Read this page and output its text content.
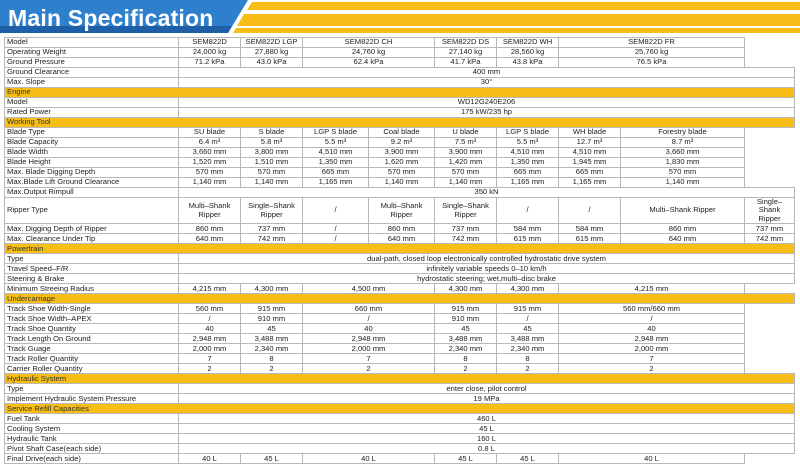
Main Specification
Model	SEM822D	SEM822D LGP	SEM822D CH		SEM822D DS	SEM822D WH	SEM822D FR		
Operating Weight	24,000 kg	27,880 kg	24,760 kg		27,140 kg	28,560 kg	25,760 kg		
Ground Pressure	71.2 kPa	43.0 kPa	62.4 kPa		41.7 kPa	43.8 kPa	76.5 kPa		
Ground Clearance	400 mm								
Max. Slope	30°								
Engine									
Model	WD12G240E206								
Rated Power	175 kW/235 hp								
Working Tool									
Blade Type	SU blade	S blade	LGP S blade	Coal blade	U blade	LGP S blade	WH blade	Forestry blade	
Blade Capacity	6.4 m³	5.8 m³	5.5 m³	9.2 m³	7.5 m³	5.5 m³	12.7 m³	8.7 m³	
Blade Width	3,660 mm	3,800 mm	4,510 mm	3,900 mm	3,900 mm	4,510 mm	4,510 mm	3,660 mm	
Blade Height	1,520 mm	1,510 mm	1,350 mm	1,620 mm	1,420 mm	1,350 mm	1,945 mm	1,830 mm	
Max. Blade Digging Depth	570 mm	570 mm	665 mm	570 mm	570 mm	665 mm	665 mm	570 mm	
Max.Blade Lift Ground Clearance	1,140 mm	1,140 mm	1,165 mm	1,140 mm	1,140 mm	1,165 mm	1,165 mm	1,140 mm	
Max.Output Rimpull	350 kN								
Ripper Type	Multi–Shank Ripper	Single–Shank Ripper	/	Multi–Shank Ripper	Single–Shank Ripper	/	/	Multi–Shank Ripper	Single–Shank Ripper
Max. Digging Depth of Ripper	860 mm	737 mm	/	860 mm	737 mm	584 mm	584 mm	860 mm	737 mm
Max. Clearance Under Tip	640 mm	742 mm	/	640 mm	742 mm	615 mm	615 mm	640 mm	742 mm
Powertrain									
Type	dual-path, closed loop electronically controlled hydrostatic drive system								
Travel Speed–F/R	infinitely variable speeds 0–10 km/h								
Steering & Brake	hydrostatic steering; wet,multi–disc brake								
Minimum Streeing Radius	4,215 mm	4,300 mm	4,500 mm		4,300 mm	4,300 mm	4,215 mm		
Undercarriage									
Track Shoe Width-Single	560 mm	915 mm	660 mm		915 mm	915 mm	560 mm/660 mm		
Track Shoe Width–APEX	/	910 mm	/		910 mm	/	/		
Track Shoe Quantity	40	45	40		45	45	40		
Track Length On Ground	2,948 mm	3,488 mm	2,948 mm		3,488 mm	3,488 mm	2,948 mm		
Track Guage	2,000 mm	2,340 mm	2,000 mm		2,340 mm	2,340 mm	2,000 mm		
Track Roller Quantity	7	8	7		8	8	7		
Carrier Roller Quantity	2	2	2		2	2	2		
Hydraulic System									
Type	enter close, pilot control								
Implement Hydraulic System Pressure	19 MPa								
Service Refill Capacities									
Fuel Tank	460 L								
Cooling System	45 L								
Hydraulic Tank	160 L								
Pivot Shaft Case(each side)	0.8 L								
Final Drive(each side)	40 L	45 L	40 L		45 L	45 L	40 L		
